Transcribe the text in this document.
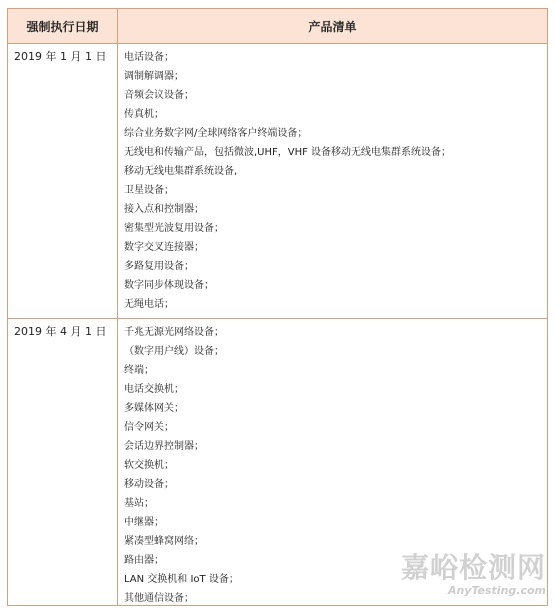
强制执行日期	产品清单
2019 年 1 月 1 日	电话设备；
调制解调器；
音频会议设备；
传真机；
综合业务数字网/全球网络客户终端设备；
无线电和传输产品，包括微波,UHF，VHF 设备移动无线电集群系统设备；
移动无线电集群系统设备,
卫星设备；
接入点和控制器；
密集型光波复用设备；
数字交叉连接器；
多路复用设备；
数字同步体现设备；
无绳电话；
2019 年 4 月 1 日	千兆无源光网络设备；
（数字用户线）设备；
终端；
电话交换机；
多媒体网关；
信令网关；
会话边界控制器；
软交换机；
移动设备；
基站；
中继器；
紧凑型蜂窝网络；
路由器；
LAN 交换机和 IoT 设备；
其他通信设备；
嘉峪检测网
AnyTesting.com
